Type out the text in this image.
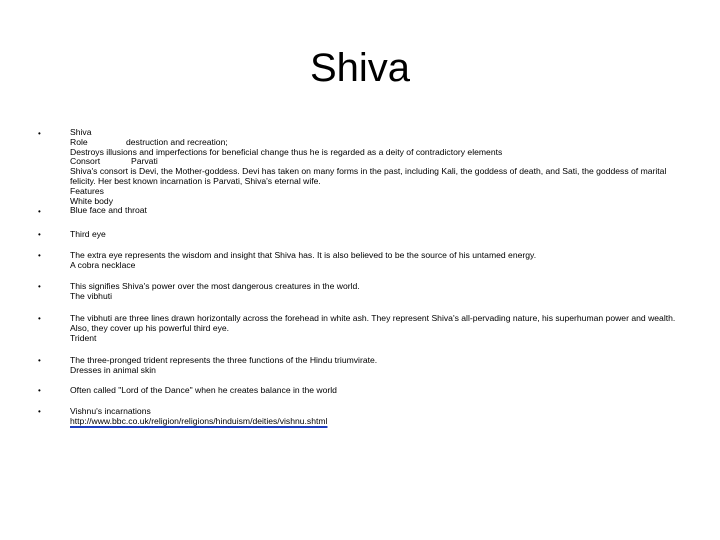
Shiva
•
•
Shiva
Role	destruction and recreation;
Destroys illusions and imperfections for beneficial change thus he is regarded as a deity of contradictory elements
Consort	Parvati
Shiva's consort is Devi, the Mother-goddess. Devi has taken on many forms in the past, including Kali, the goddess of death, and Sati, the goddess of marital felicity. Her best known incarnation is Parvati, Shiva's eternal wife.
Features
White body
Blue face and throat
•	Third eye
•	The extra eye represents the wisdom and insight that Shiva has. It is also believed to be the source of his untamed energy.
A cobra necklace
•	This signifies Shiva's power over the most dangerous creatures in the world.
The vibhuti
•	The vibhuti are three lines drawn horizontally across the forehead in white ash. They represent Shiva's all-pervading nature, his superhuman power and wealth. Also, they cover up his powerful third eye.
Trident
•	The three-pronged trident represents the three functions of the Hindu triumvirate.
Dresses in animal skin
•	Often called "Lord of the Dance" when he creates balance in the world
•	Vishnu's incarnations
http://www.bbc.co.uk/religion/religions/hinduism/deities/vishnu.shtml
